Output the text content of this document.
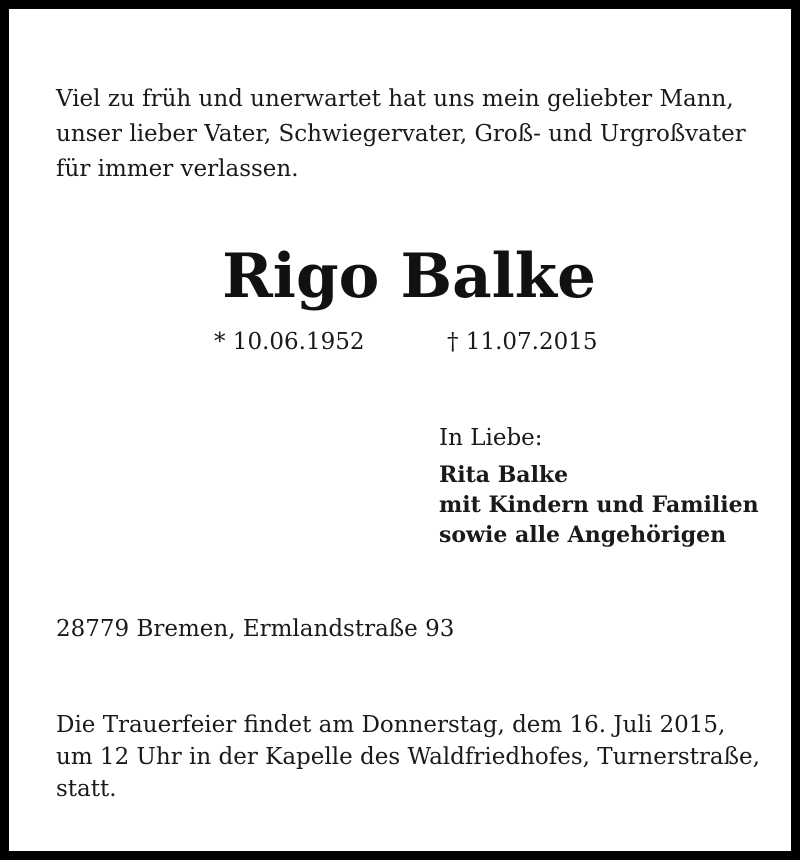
Viel zu früh und unerwartet hat uns mein geliebter Mann,
unser lieber Vater, Schwiegervater, Groß- und Urgroßvater
für immer verlassen.
Rigo Balke
* 10.06.1952	† 11.07.2015
In Liebe:
Rita Balke
mit Kindern und Familien
sowie alle Angehörigen
28779 Bremen, Ermlandstraße 93
Die Trauerfeier findet am Donnerstag, dem 16. Juli 2015,
um 12 Uhr in der Kapelle des Waldfriedhofes, Turnerstraße,
statt.
